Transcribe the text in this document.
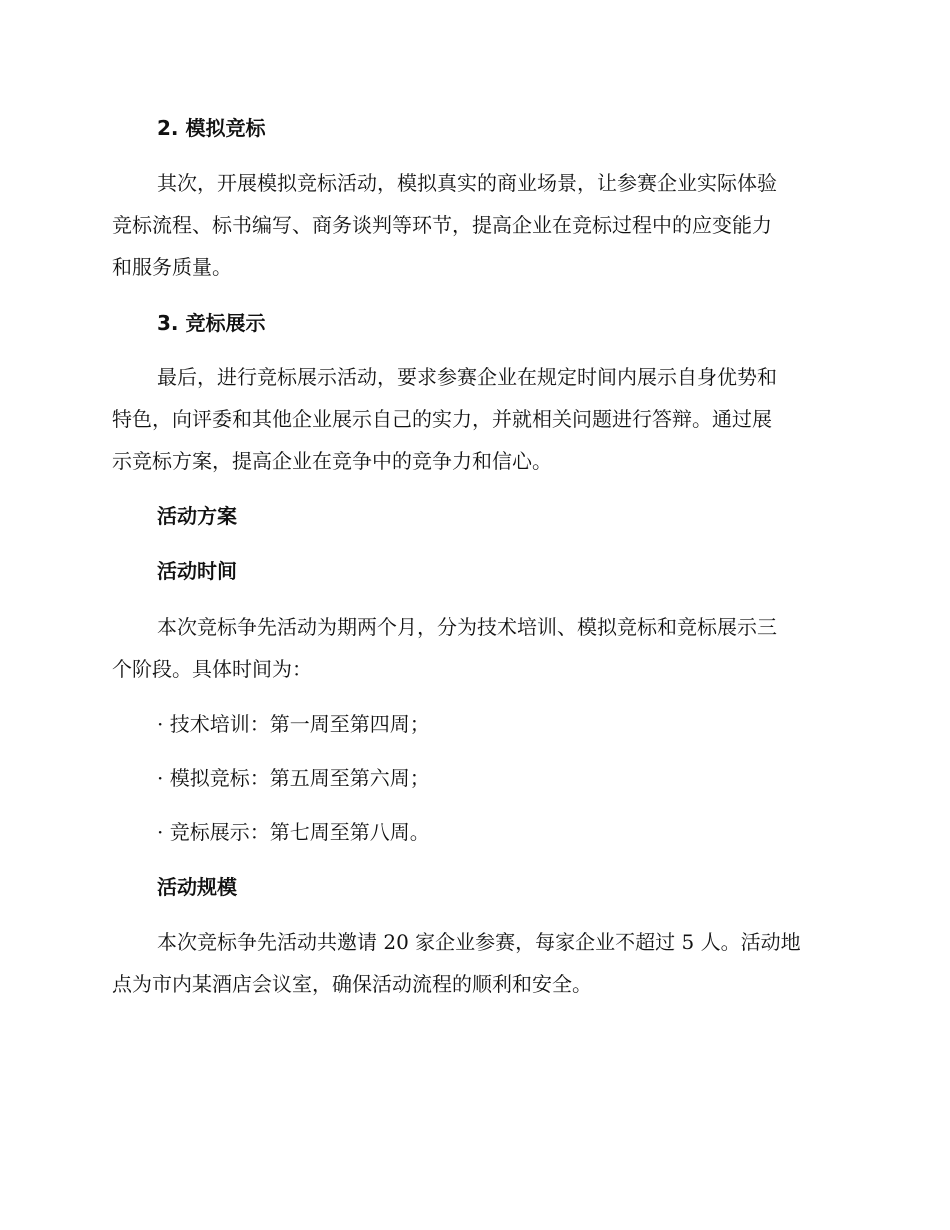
2. 模拟竞标
其次，开展模拟竞标活动，模拟真实的商业场景，让参赛企业实际体验
竞标流程、标书编写、商务谈判等环节，提高企业在竞标过程中的应变能力
和服务质量。
3. 竞标展示
最后，进行竞标展示活动，要求参赛企业在规定时间内展示自身优势和
特色，向评委和其他企业展示自己的实力，并就相关问题进行答辩。通过展
示竞标方案，提高企业在竞争中的竞争力和信心。
活动方案
活动时间
本次竞标争先活动为期两个月，分为技术培训、模拟竞标和竞标展示三
个阶段。具体时间为：
· 技术培训：第一周至第四周；
· 模拟竞标：第五周至第六周；
· 竞标展示：第七周至第八周。
活动规模
本次竞标争先活动共邀请 20 家企业参赛，每家企业不超过 5 人。活动地
点为市内某酒店会议室，确保活动流程的顺利和安全。
